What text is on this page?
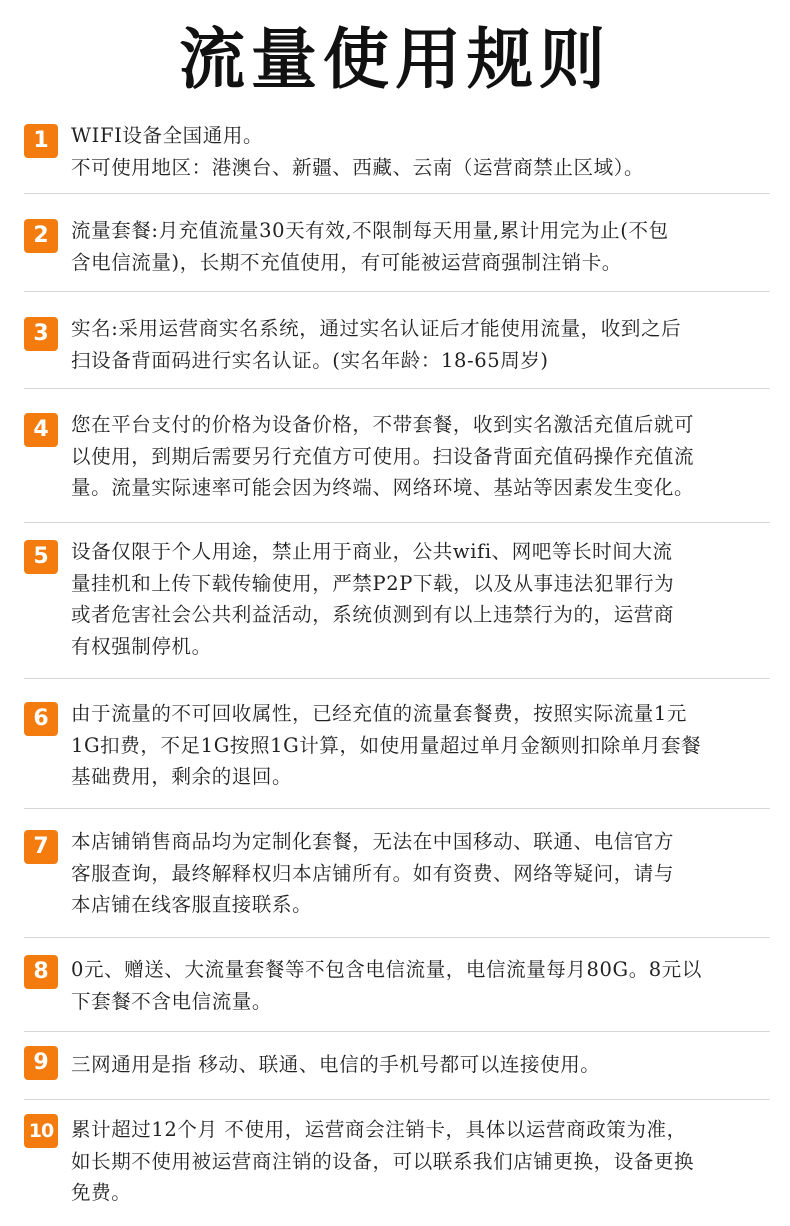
流量使用规则
1	WIFI设备全国通用。
不可使用地区：港澳台、新疆、西藏、云南（运营商禁止区域）。
2	流量套餐:月充值流量30天有效,不限制每天用量,累计用完为止(不包
含电信流量)，长期不充值使用，有可能被运营商强制注销卡。
3	实名:采用运营商实名系统，通过实名认证后才能使用流量，收到之后
扫设备背面码进行实名认证。(实名年龄：18-65周岁)
4	您在平台支付的价格为设备价格，不带套餐，收到实名激活充值后就可
以使用，到期后需要另行充值方可使用。扫设备背面充值码操作充值流
量。流量实际速率可能会因为终端、网络环境、基站等因素发生变化。
5	设备仅限于个人用途，禁止用于商业，公共wifi、网吧等长时间大流
量挂机和上传下载传输使用，严禁P2P下载，以及从事违法犯罪行为
或者危害社会公共利益活动，系统侦测到有以上违禁行为的，运营商
有权强制停机。
6	由于流量的不可回收属性，已经充值的流量套餐费，按照实际流量1元
1G扣费，不足1G按照1G计算，如使用量超过单月金额则扣除单月套餐
基础费用，剩余的退回。
7	本店铺销售商品均为定制化套餐，无法在中国移动、联通、电信官方
客服查询，最终解释权归本店铺所有。如有资费、网络等疑问，请与
本店铺在线客服直接联系。
8	0元、赠送、大流量套餐等不包含电信流量，电信流量每月80G。8元以
下套餐不含电信流量。
9	三网通用是指 移动、联通、电信的手机号都可以连接使用。
10 累计超过12个月 不使用，运营商会注销卡，具体以运营商政策为准，
如长期不使用被运营商注销的设备，可以联系我们店铺更换，设备更换
免费。
